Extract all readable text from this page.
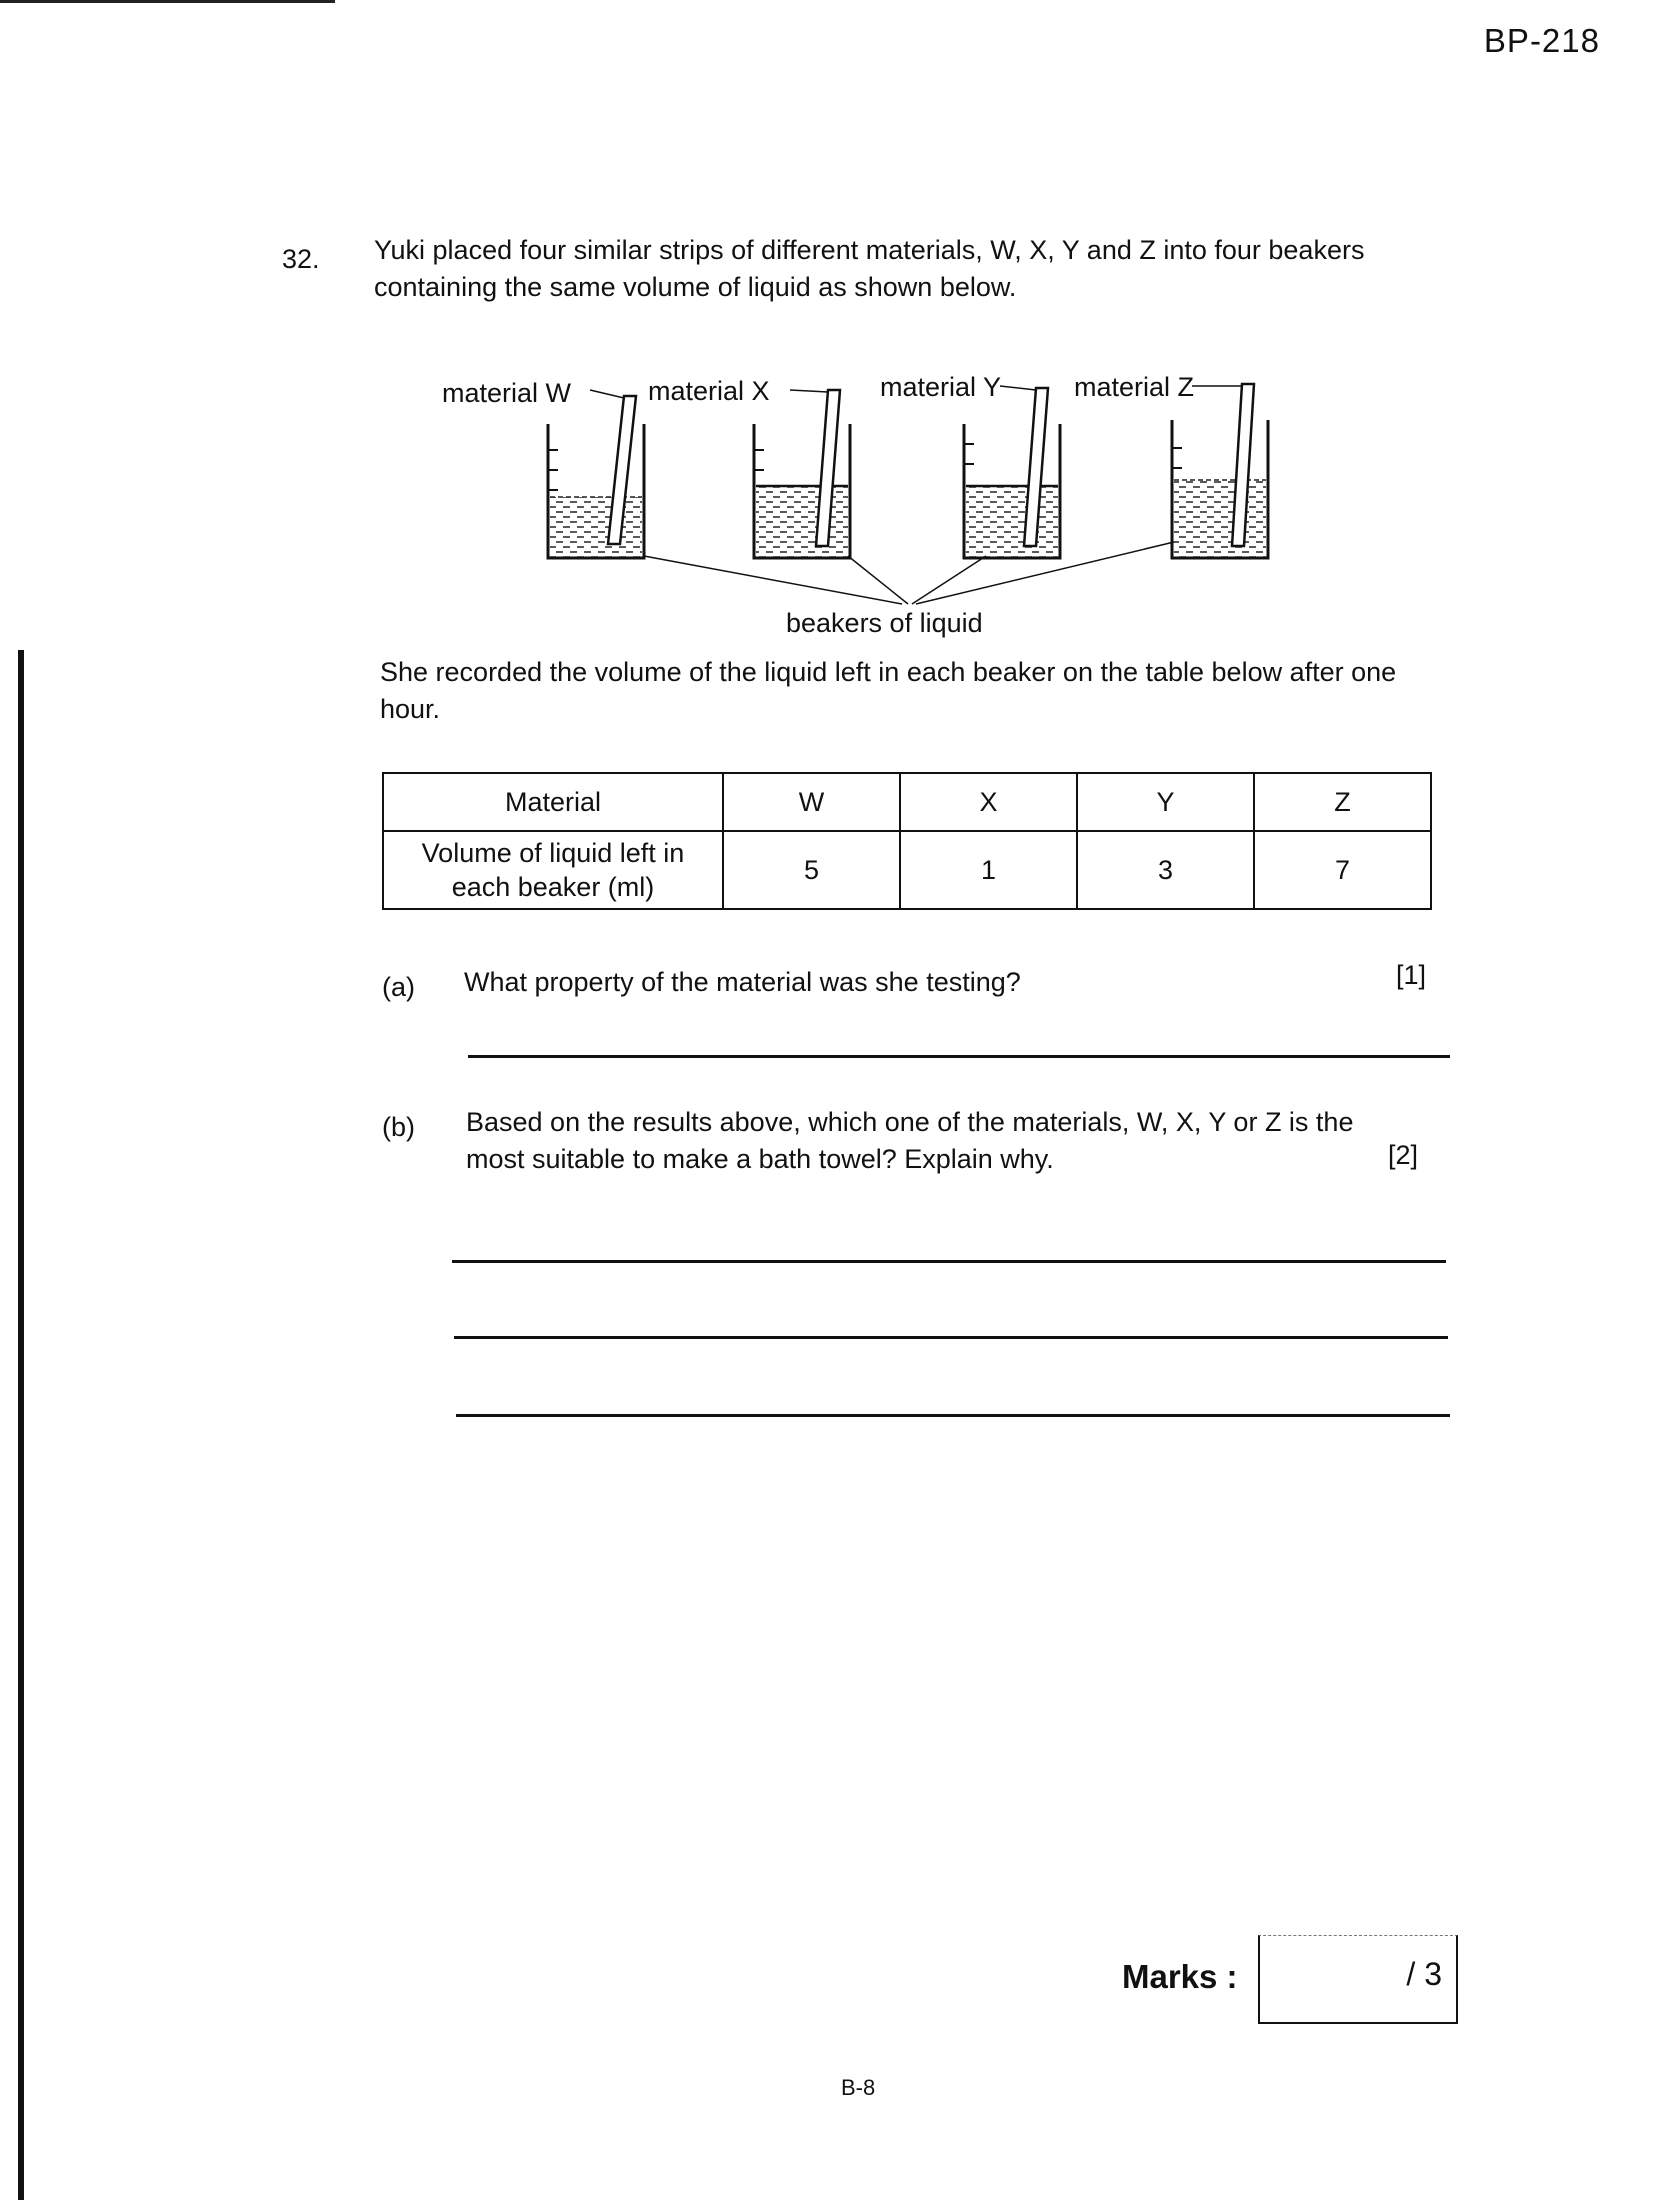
BP-218
32. Yuki placed four similar strips of different materials, W, X, Y and Z into four beakers containing the same volume of liquid as shown below.
material W	material X	material Y	material Z
beakers of liquid
She recorded the volume of the liquid left in each beaker on the table below after one hour.
Material	W	X	Y	Z
Volume of liquid left in each beaker (ml)	5	1	3	7
(a) What property of the material was she testing?	[1]
(b) Based on the results above, which one of the materials, W, X, Y or Z is the most suitable to make a bath towel? Explain why.	[2]
Marks :	/ 3
B-8
